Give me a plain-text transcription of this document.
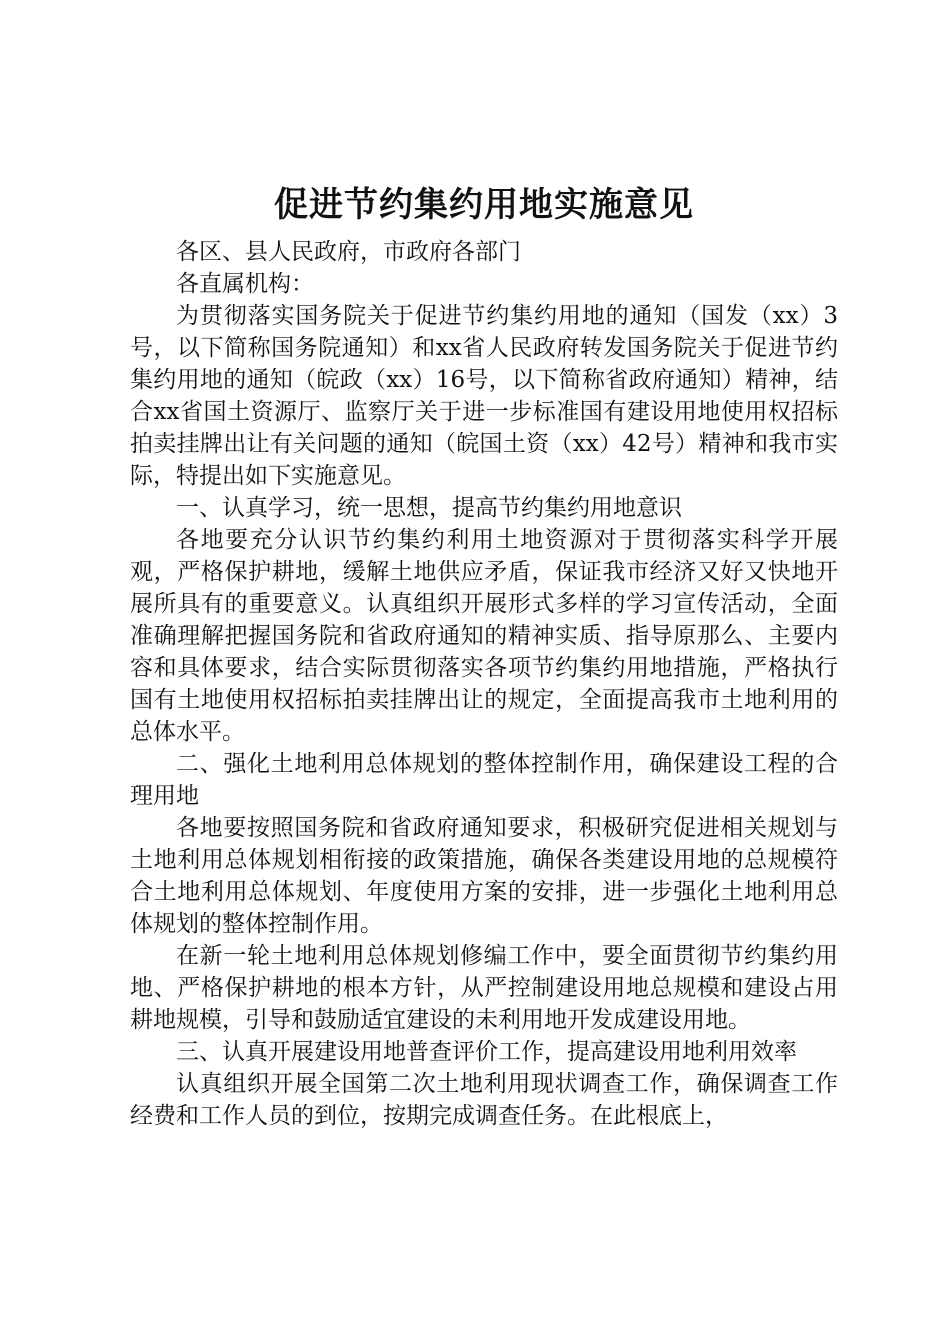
促进节约集约用地实施意见

各区、县人民政府，市政府各部门

各直属机构：

为贯彻落实国务院关于促进节约集约用地的通知（国发（xx）3号，以下简称国务院通知）和xx省人民政府转发国务院关于促进节约集约用地的通知（皖政（xx）16号，以下简称省政府通知）精神，结合xx省国土资源厅、监察厅关于进一步标准国有建设用地使用权招标拍卖挂牌出让有关问题的通知（皖国土资（xx）42号）精神和我市实际，特提出如下实施意见。

一、认真学习，统一思想，提高节约集约用地意识

各地要充分认识节约集约利用土地资源对于贯彻落实科学开展观，严格保护耕地，缓解土地供应矛盾，保证我市经济又好又快地开展所具有的重要意义。认真组织开展形式多样的学习宣传活动，全面准确理解把握国务院和省政府通知的精神实质、指导原那么、主要内容和具体要求，结合实际贯彻落实各项节约集约用地措施，严格执行国有土地使用权招标拍卖挂牌出让的规定，全面提高我市土地利用的总体水平。

二、强化土地利用总体规划的整体控制作用，确保建设工程的合理用地

各地要按照国务院和省政府通知要求，积极研究促进相关规划与土地利用总体规划相衔接的政策措施，确保各类建设用地的总规模符合土地利用总体规划、年度使用方案的安排，进一步强化土地利用总体规划的整体控制作用。

在新一轮土地利用总体规划修编工作中，要全面贯彻节约集约用地、严格保护耕地的根本方针，从严控制建设用地总规模和建设占用耕地规模，引导和鼓励适宜建设的未利用地开发成建设用地。

三、认真开展建设用地普查评价工作，提高建设用地利用效率

认真组织开展全国第二次土地利用现状调查工作，确保调查工作经费和工作人员的到位，按期完成调查任务。在此根底上，
